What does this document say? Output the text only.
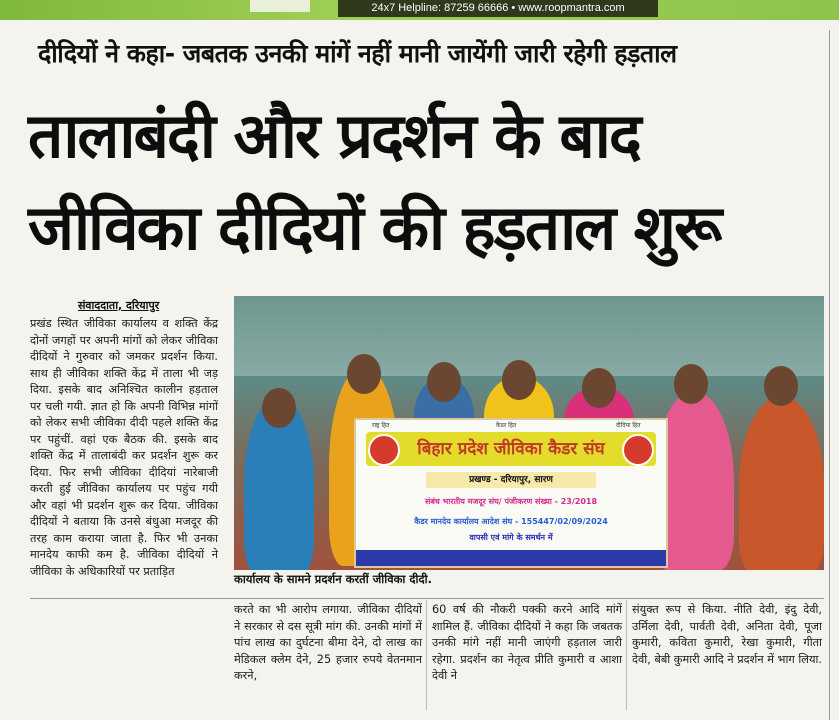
24x7 Helpline: 87259 66666 • www.roopmantra.com
दीदियों ने कहा- जबतक उनकी मांगें नहीं मानी जायेंगी जारी रहेगी हड़ताल
तालाबंदी और प्रदर्शन के बाद
जीविका दीदियों की हड़ताल शुरू
संवाददाता, दरियापुर

प्रखंड स्थित जीविका कार्यालय व शक्ति केंद्र दोनों जगहों पर अपनी मांगों को लेकर जीविका दीदियों ने गुरुवार को जमकर प्रदर्शन किया. साथ ही जीविका शक्ति केंद्र में ताला भी जड़ दिया. इसके बाद अनिश्चित कालीन हड़ताल पर चली गयी. ज्ञात हो कि अपनी विभिन्न मांगों को लेकर सभी जीविका दीदी पहले शक्ति केंद्र पर पहुंचीं. वहां एक बैठक की. इसके बाद शक्ति केंद्र में तालाबंदी कर प्रदर्शन शुरू कर दिया. फिर सभी जीविका दीदियां नारेबाजी करती हुई जीविका कार्यालय पर पहुंच गयी और वहां भी प्रदर्शन शुरू कर दिया. जीविका दीदियों ने बताया कि उनसे बंधुआ मजदूर की तरह काम कराया जाता है. फिर भी उनका मानदेय काफी कम है. जीविका दीदियों ने जीविका के अधिकारियों पर प्रताड़ित

राष्ट्र हित	कैडर हित	दीदिया हित
बिहार प्रदेश जीविका कैडर संघ
प्रखण्ड - दरियापुर, सारण
संबंध भारतीय मजदूर संघ/ पंजीकरण संख्या - 23/2018
कैडर मानदेय कार्यालय आदेश संघ - 155447/02/09/2024
वापसी एवं मांगे के समर्थन में
कार्यालय के सामने प्रदर्शन करतीं जीविका दीदी.

करते का भी आरोप लगाया. जीविका दीदियों ने सरकार से दस सूत्री मांग की. उनकी मांगों में पांच लाख का दुर्घटना बीमा देने, दो लाख का मेडिकल क्लेम देने, 25 हजार रुपये वेतनमान करने,

60 वर्ष की नौकरी पक्की करने आदि मांगें शामिल हैं. जीविका दीदियों ने कहा कि जबतक उनकी मांगे नहीं मानी जाएंगी हड़ताल जारी रहेगा. प्रदर्शन का नेतृत्व प्रीति कुमारी व आशा देवी ने

संयुक्त रूप से किया. नीति देवी, इंदु देवी, उर्मिला देवी, पार्वती देवी, अनिता देवी, पूजा कुमारी, कविता कुमारी, रेखा कुमारी, गीता देवी, बेबी कुमारी आदि ने प्रदर्शन में भाग लिया.
